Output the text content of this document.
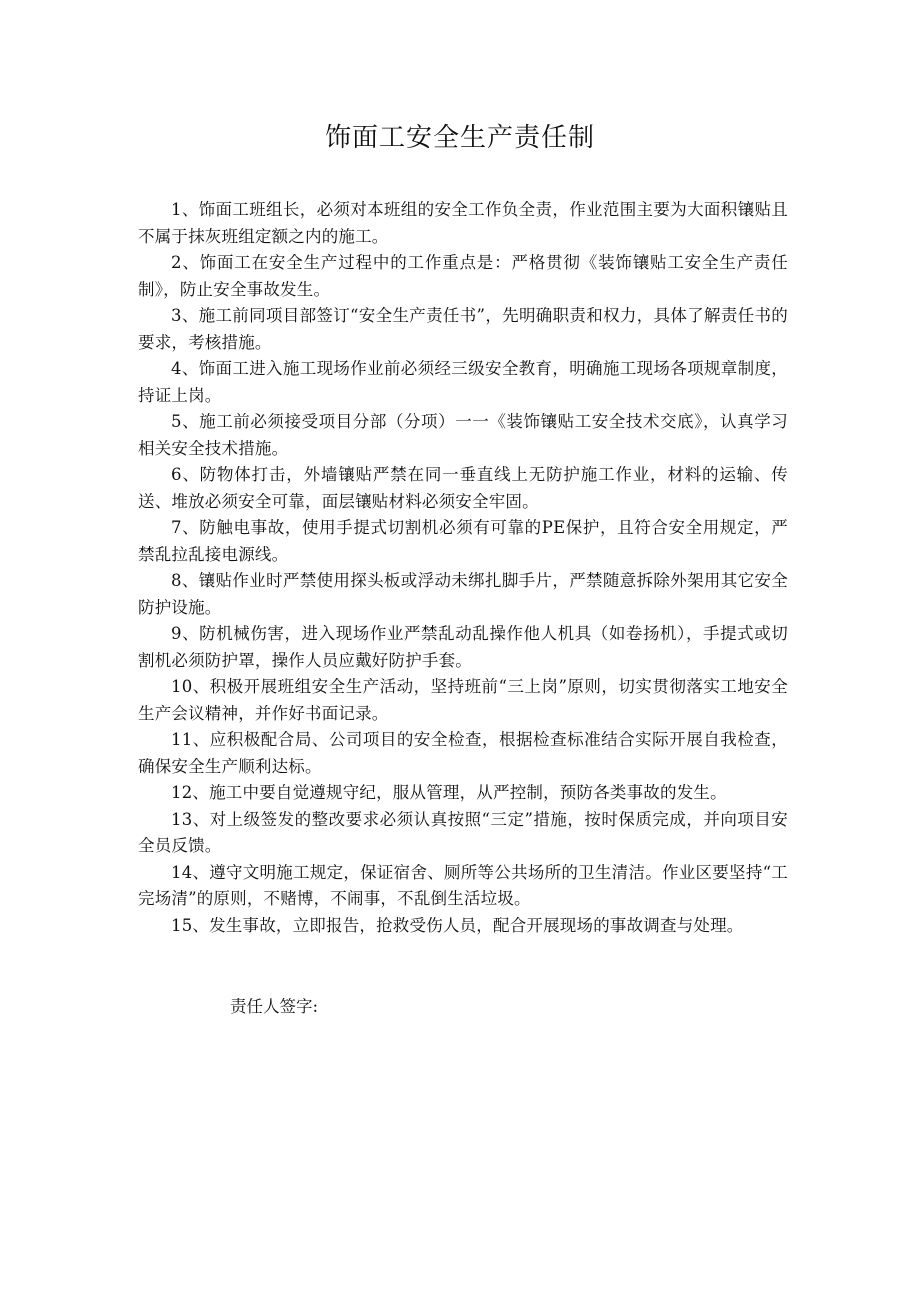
饰面工安全生产责任制

1、饰面工班组长，必须对本班组的安全工作负全责，作业范围主要为大面积镶贴且不属于抹灰班组定额之内的施工。

2、饰面工在安全生产过程中的工作重点是：严格贯彻《装饰镶贴工安全生产责任制》，防止安全事故发生。

3、施工前同项目部签订“安全生产责任书”，先明确职责和权力，具体了解责任书的要求，考核措施。

4、饰面工进入施工现场作业前必须经三级安全教育，明确施工现场各项规章制度，持证上岗。

5、施工前必须接受项目分部（分项）一一《装饰镶贴工安全技术交底》，认真学习相关安全技术措施。

6、防物体打击，外墙镶贴严禁在同一垂直线上无防护施工作业，材料的运输、传送、堆放必须安全可靠，面层镶贴材料必须安全牢固。

7、防触电事故，使用手提式切割机必须有可靠的PE保护，且符合安全用规定，严禁乱拉乱接电源线。

8、镶贴作业时严禁使用探头板或浮动未绑扎脚手片，严禁随意拆除外架用其它安全防护设施。

9、防机械伤害，进入现场作业严禁乱动乱操作他人机具（如卷扬机），手提式或切割机必须防护罩，操作人员应戴好防护手套。

10、积极开展班组安全生产活动，坚持班前“三上岗”原则，切实贯彻落实工地安全生产会议精神，并作好书面记录。

11、应积极配合局、公司项目的安全检查，根据检查标准结合实际开展自我检查，确保安全生产顺利达标。

12、施工中要自觉遵规守纪，服从管理，从严控制，预防各类事故的发生。

13、对上级签发的整改要求必须认真按照“三定”措施，按时保质完成，并向项目安全员反馈。

14、遵守文明施工规定，保证宿舍、厕所等公共场所的卫生清洁。作业区要坚持“工完场清”的原则，不赌博，不闹事，不乱倒生活垃圾。

15、发生事故，立即报告，抢救受伤人员，配合开展现场的事故调查与处理。

责任人签字:
